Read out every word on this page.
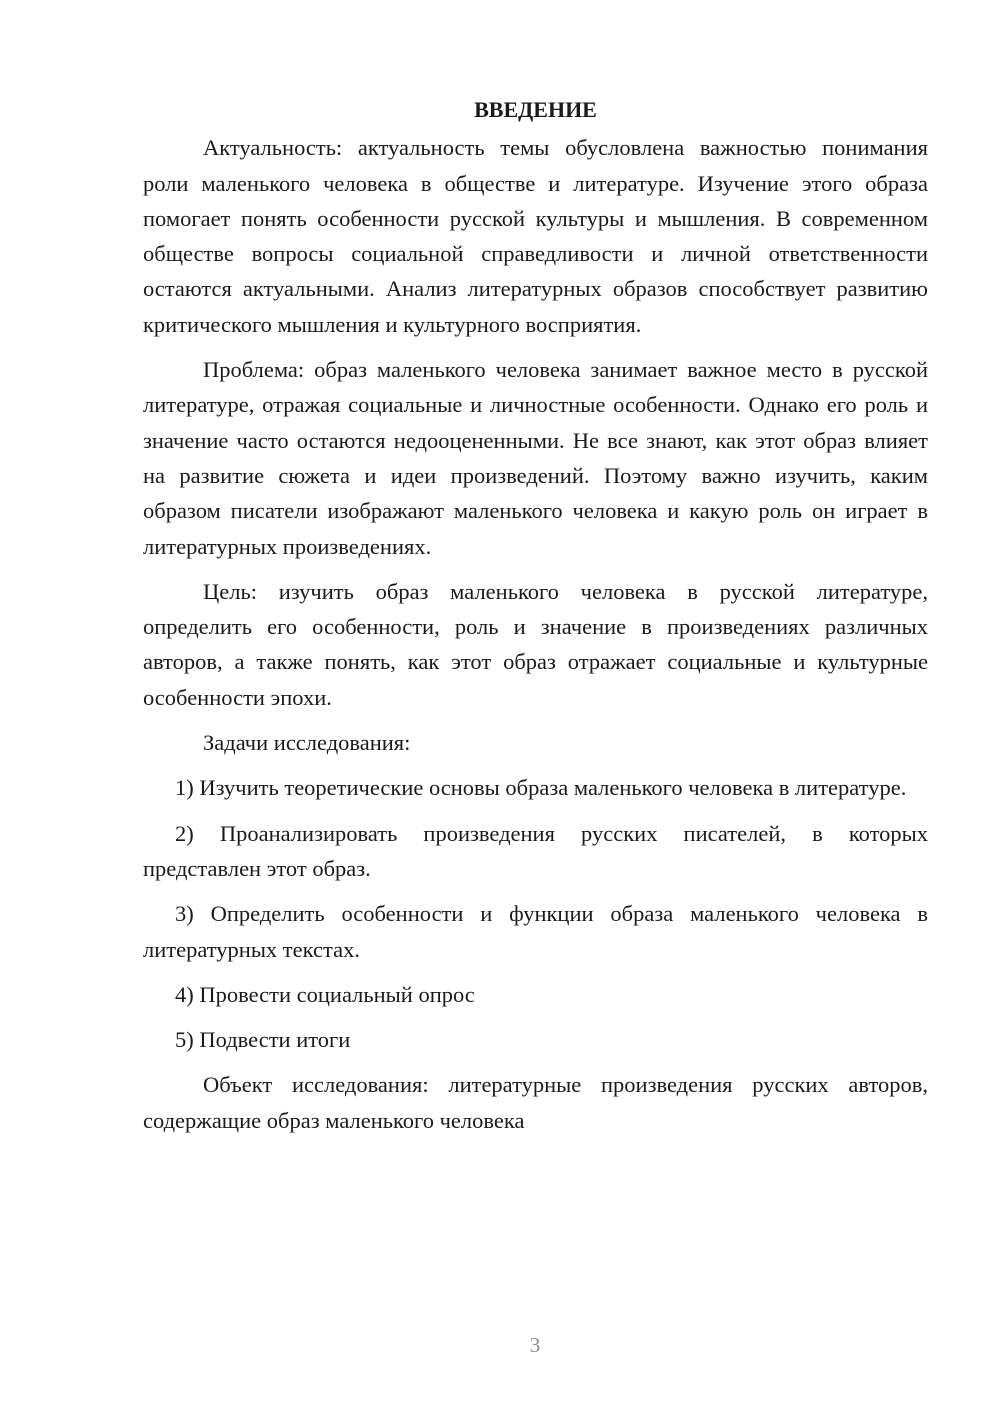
ВВЕДЕНИЕ

Актуальность: актуальность темы обусловлена важностью понимания роли маленького человека в обществе и литературе. Изучение этого образа помогает понять особенности русской культуры и мышления. В современном обществе вопросы социальной справедливости и личной ответственности остаются актуальными. Анализ литературных образов способствует развитию критического мышления и культурного восприятия.

Проблема: образ маленького человека занимает важное место в русской литературе, отражая социальные и личностные особенности. Однако его роль и значение часто остаются недооцененными. Не все знают, как этот образ влияет на развитие сюжета и идеи произведений. Поэтому важно изучить, каким образом писатели изображают маленького человека и какую роль он играет в литературных произведениях.

Цель: изучить образ маленького человека в русской литературе, определить его особенности, роль и значение в произведениях различных авторов, а также понять, как этот образ отражает социальные и культурные особенности эпохи.

Задачи исследования:

1) Изучить теоретические основы образа маленького человека в литературе.

2) Проанализировать произведения русских писателей, в которых представлен этот образ.

3) Определить особенности и функции образа маленького человека в литературных текстах.

4) Провести социальный опрос

5) Подвести итоги

Объект исследования: литературные произведения русских авторов, содержащие образ маленького человека

3
